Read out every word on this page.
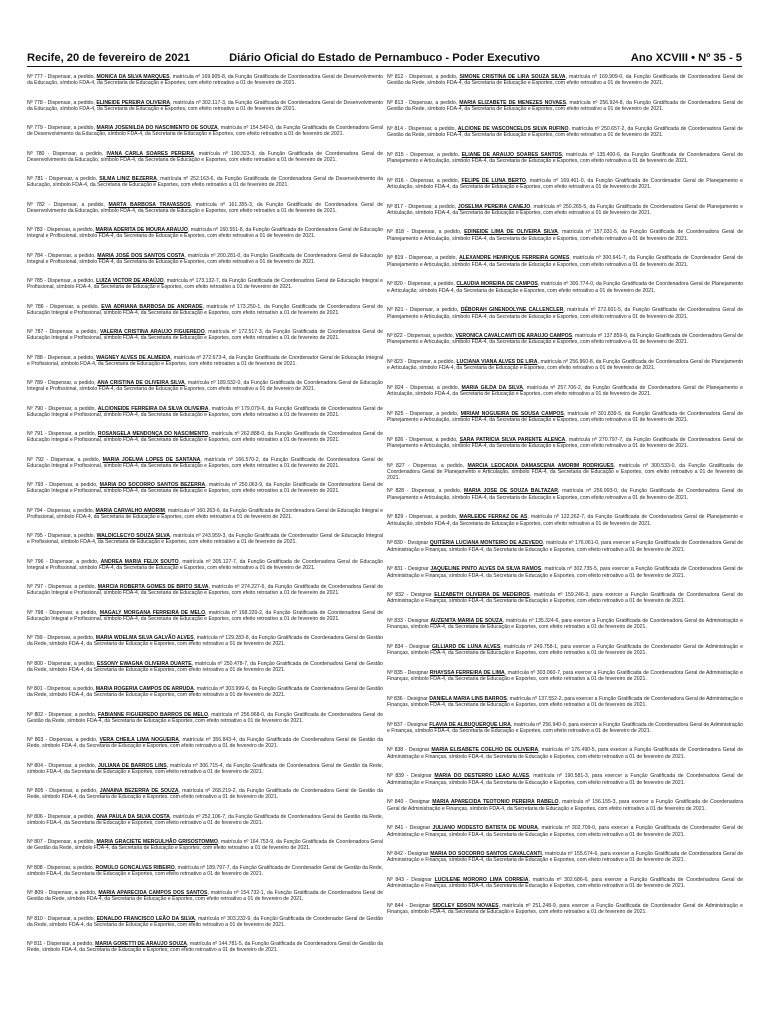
Recife, 20 de fevereiro de 2021	Diário Oficial do Estado de Pernambuco - Poder Executivo	Ano XCVIII • Nº 35 - 5
Nº 777 - Dispensar, a pedido, MONICA DA SILVA MARQUES, matrícula nº 169.905-8, da Função Gratificada de Coordenadora Geral de Desenvolvimento da Educação, símbolo FDA-4, da Secretaria de Educação e Esportes, com efeito retroativo a 01 de fevereiro de 2021.
Nº 778 - Dispensar, a pedido, ELINEIDE PEREIRA OLIVEIRA, matrícula nº 302.117-3, da Função Gratificada de Coordenadora Geral de Desenvolvimento da Educação, símbolo FDA-4, da Secretaria de Educação e Esportes, com efeito retroativo a 01 de fevereiro de 2021.
Nº 779 - Dispensar, a pedido, MARIA JOSENILDA DO NASCIMENTO DE SOUZA, matrícula nº 154.540-0, da Função Gratificada de Coordenadora Geral de Desenvolvimento da Educação, símbolo FDA-4, da Secretaria de Educação e Esportes, com efeito retroativo a 01 de fevereiro de 2021.
Nº 780 - Dispensar, a pedido, IVANA CARLA SOARES PEREIRA, matrícula nº 190.323-3, da Função Gratificada de Coordenadora Geral de Desenvolvimento da Educação, símbolo FDA-4, da Secretaria de Educação e Esportes, com efeito retroativo a 01 de fevereiro de 2021.
Nº 781 - Dispensar, a pedido, SILMA LINIZ BEZERRA, matrícula nº 252.163-6, da Função Gratificada de Coordenadora Geral de Desenvolvimento da Educação, símbolo FDA-4, da Secretaria de Educação e Esportes, com efeito retroativo a 01 de fevereiro de 2021.
Nº 782 - Dispensar, a pedido, MARTA BARBOSA TRAVASSOS, matrícula nº 161.355-3, da Função Gratificada de Coordenadora Geral de Desenvolvimento da Educação, símbolo FDA-4, da Secretaria de Educação e Esportes, com efeito retroativo a 01 de fevereiro de 2021.
Nº 783 - Dispensar, a pedido, MARIA ADERITA DE MOURA ARAUJO, matrícula nº 160.551-8, da Função Gratificada de Coordenadora Geral de Educação Integral e Profissional, símbolo FDA-4, da Secretaria de Educação e Esportes, com efeito retroativo a 01 de fevereiro de 2021.
Nº 784 - Dispensar, a pedido, MARIA JOSÉ DOS SANTOS COSTA, matrícula nº 200.281-0, da Função Gratificada de Coordenadora Geral de Educação Integral e Profissional, símbolo FDA-4, da Secretaria de Educação e Esportes, com efeito retroativo a 01 de fevereiro de 2021.
Nº 785 - Dispensar, a pedido, LUIZA VICTOR DE ARAÚJO, matrícula nº 173.132-7, da Função Gratificada de Coordenadora Geral de Educação Integral e Profissional, símbolo FDA-4, da Secretaria de Educação e Esportes, com efeito retroativo a 01 de fevereiro de 2021.
Nº 786 - Dispensar, a pedido, EVA ADRIANA BARBOSA DE ANDRADE, matrícula nº 173.250-1, da Função Gratificada de Coordenadora Geral de Educação Integral e Profissional, símbolo FDA-4, da Secretaria de Educação e Esportes, com efeito retroativo a 01 de fevereiro de 2021.
Nº 787 - Dispensar, a pedido, VALERIA CRISTINA ARAUJO FIGUEREDO, matrícula nº 172.517-3, da Função Gratificada de Coordenadora Geral de Educação Integral e Profissional, símbolo FDA-4, da Secretaria de Educação e Esportes, com efeito retroativo a 01 de fevereiro de 2021.
Nº 788 - Dispensar, a pedido, WAGNEY ALVES DE ALMEIDA, matrícula nº 272.673-4, da Função Gratificada de Coordenador Geral de Educação Integral e Profissional, símbolo FDA-4, da Secretaria de Educação e Esportes, com efeito retroativo a 01 de fevereiro de 2021.
Nº 789 - Dispensar, a pedido, ANA CRISTINA DE OLIVEIRA SILVA, matrícula nº 189.532-0, da Função Gratificada de Coordenadora Geral de Educação Integral e Profissional, símbolo FDA-4, da Secretaria de Educação e Esportes, com efeito retroativo a 01 de fevereiro de 2021.
Nº 790 - Dispensar, a pedido, ALCIONEIDE FERREIRA DA SILVA OLIVEIRA, matrícula nº 179.079-6, da Função Gratificada de Coordenadora Geral de Educação Integral e Profissional, símbolo FDA-4, da Secretaria de Educação e Esportes, com efeito retroativo a 01 de fevereiro de 2021.
Nº 791 - Dispensar, a pedido, ROSANGELA MENDONÇA DO NASCIMENTO, matrícula nº 262.888-0, da Função Gratificada de Coordenadora Geral de Educação Integral e Profissional, símbolo FDA-4, da Secretaria de Educação e Esportes, com efeito retroativo a 01 de fevereiro de 2021.
Nº 792 - Dispensar, a pedido, MARIA JOELMA LOPES DE SANTANA, matrícula nº 166.570-2, da Função Gratificada de Coordenadora Geral de Educação Integral e Profissional, símbolo FDA-4, da Secretaria de Educação e Esportes, com efeito retroativo a 01 de fevereiro de 2021.
Nº 793 - Dispensar, a pedido, MARIA DO SOCORRO SANTOS BEZERRA, matrícula nº 250.063-9, da Função Gratificada de Coordenadora Geral de Educação Integral e Profissional, símbolo FDA-4, da Secretaria de Educação e Esportes, com efeito retroativo a 01 de fevereiro de 2021.
Nº 794 - Dispensar, a pedido, MARIA CARVALHO AMORIM, matrícula nº 160.263-6, da Função Gratificada de Coordenadora Geral de Educação Integral e Profissional, símbolo FDA-4, da Secretaria de Educação e Esportes, com efeito retroativo a 01 de fevereiro de 2021.
Nº 795 - Dispensar, a pedido, WALDICLECYO SOUZA SILVA, matrícula nº 243.959-3, da Função Gratificada de Coordenador Geral de Educação Integral e Profissional, símbolo FDA-4, da Secretaria de Educação e Esportes, com efeito retroativo a 01 de fevereiro de 2021.
Nº 796 - Dispensar, a pedido, ANDREA MARIA FELIX SOUTO, matrícula nº 305.127-7, da Função Gratificada de Coordenadora Geral de Educação Integral e Profissional, símbolo FDA-4, da Secretaria de Educação e Esportes, com efeito retroativo a 01 de fevereiro de 2021.
Nº 797 - Dispensar, a pedido, MARCIA ROBERTA GOMES DE BRITO SILVA, matrícula nº 274.227-6, da Função Gratificada de Coordenadora Geral de Educação Integral e Profissional, símbolo FDA-4, da Secretaria de Educação e Esportes, com efeito retroativo a 01 de fevereiro de 2021.
Nº 798 - Dispensar, a pedido, MAGALY MORGANA FERREIRA DE MELO, matrícula nº 168.220-2, da Função Gratificada de Coordenadora Geral de Educação Integral e Profissional, símbolo FDA-4, da Secretaria de Educação e Esportes, com efeito retroativo a 01 de fevereiro de 2021.
Nº 799 - Dispensar, a pedido, MARIA WDELMA SILVA GALVÃO ALVES, matrícula nº 129.283-8, da Função Gratificada de Coordenadora Geral de Gestão da Rede, símbolo FDA-4, da Secretaria de Educação e Esportes, com efeito retroativo a 01 de fevereiro de 2021.
Nº 800 - Dispensar, a pedido, ESSONY EWAGNA OLIVEIRA DUARTE, matrícula nº 250.478-7, da Função Gratificada de Coordenadora Geral de Gestão da Rede, símbolo FDA-4, da Secretaria de Educação e Esportes, com efeito retroativo a 01 de fevereiro de 2021.
Nº 801 - Dispensar, a pedido, MARIA ROGERIA CAMPOS DE ARRUDA, matrícula nº 303.999-6, da Função Gratificada de Coordenadora Geral de Gestão da Rede, símbolo FDA-4, da Secretaria de Educação e Esportes, com efeito retroativo a 01 de fevereiro de 2021.
Nº 802 - Dispensar, a pedido, FABIANNE FIGUEIREDO BARROS DE MELO, matrícula nº 256.968-0, da Função Gratificada de Coordenadora Geral de Gestão da Rede, símbolo FDA-4, da Secretaria de Educação e Esportes, com efeito retroativo a 01 de fevereiro de 2021.
Nº 803 - Dispensar, a pedido, VERA CHEILA LIMA NOGUEIRA, matrícula nº 356.843-4, da Função Gratificada de Coordenadora Geral de Gestão da Rede, símbolo FDA-4, da Secretaria de Educação e Esportes, com efeito retroativo a 01 de fevereiro de 2021.
Nº 804 - Dispensar, a pedido, JULIANA DE BARROS LINS, matrícula nº 306.715-4, da Função Gratificada de Coordenadora Geral de Gestão da Rede, símbolo FDA-4, da Secretaria de Educação e Esportes, com efeito retroativo a 01 de fevereiro de 2021.
Nº 805 - Dispensar, a pedido, JANAINA BEZERRA DE SOUZA, matrícula nº 268.219-2, da Função Gratificada de Coordenadora Geral de Gestão da Rede, símbolo FDA-4, da Secretaria de Educação e Esportes, com efeito retroativo a 01 de fevereiro de 2021.
Nº 806 - Dispensar, a pedido, ANA PAULA DA SILVA COSTA, matrícula nº 252.106-7, da Função Gratificada de Coordenadora Geral de Gestão da Rede, símbolo FDA-4, da Secretaria de Educação e Esportes, com efeito retroativo a 01 de fevereiro de 2021.
Nº 807 - Dispensar, a pedido, MARIA GRACIETE MERGULHÃO GRISOSTOMMO, matrícula nº 164.753-9, da Função Gratificada de Coordenadora Geral de Gestão da Rede, símbolo FDA-4, da Secretaria de Educação e Esportes, com efeito retroativo a 01 de fevereiro de 2021.
Nº 808 - Dispensar, a pedido, ROMULO GONCALVES RIBEIRO, matrícula nº 189.797-7, da Função Gratificada de Coordenador Geral de Gestão da Rede, símbolo FDA-4, da Secretaria de Educação e Esportes, com efeito retroativo a 01 de fevereiro de 2021.
Nº 809 - Dispensar, a pedido, MARIA APARECIDA CAMPOS DOS SANTOS, matrícula nº 154.732-1, da Função Gratificada de Coordenadora Geral de Gestão da Rede, símbolo FDA-4, da Secretaria de Educação e Esportes, com efeito retroativo a 01 de fevereiro de 2021.
Nº 810 - Dispensar, a pedido, EDNALDO FRANCISCO LEÃO DA SILVA, matrícula nº 303.232-9, da Função Gratificada de Coordenador Geral de Gestão da Rede, símbolo FDA-4, da Secretaria de Educação e Esportes, com efeito retroativo a 01 de fevereiro de 2021.
Nº 811 - Dispensar, a pedido, MARIA GORETTI DE ARAUJO SOUZA, matrícula nº 144.781-5, da Função Gratificada de Coordenadora Geral de Gestão da Rede, símbolo FDA-4, da Secretaria de Educação e Esportes, com efeito retroativo a 01 de fevereiro de 2021.
Nº 812 - Dispensar, a pedido, SIMONE CRISTINA DE LIRA SOUZA SILVA, matrícula nº 169.909-0, da Função Gratificada de Coordenadora Geral de Gestão da Rede, símbolo FDA-4, da Secretaria de Educação e Esportes, com efeito retroativo a 01 de fevereiro de 2021.
Nº 813 - Dispensar, a pedido, MARIA ELIZABETE DE MENEZES NOVAES, matrícula nº 256.924-8, da Função Gratificada de Coordenadora Geral de Gestão da Rede, símbolo FDA-4, da Secretaria de Educação e Esportes, com efeito retroativo a 01 de fevereiro de 2021.
Nº 814 - Dispensar, a pedido, ALCIONE DE VASCONCELOS SILVA RUFINO, matrícula nº 250.657-2, da Função Gratificada de Coordenadora Geral de Gestão da Rede, símbolo FDA-4, da Secretaria de Educação e Esportes, com efeito retroativo a 01 de fevereiro de 2021.
Nº 815 - Dispensar, a pedido, ELIANE DE ARAUJO SOARES SANTOS, matrícula nº 135.400-6, da Função Gratificada de Coordenadora Geral de Planejamento e Articulação, símbolo FDA-4, da Secretaria de Educação e Esportes, com efeito retroativo a 01 de fevereiro de 2021.
Nº 816 - Dispensar, a pedido, FELIPE DE LUNA BERTO, matrícula nº 169.461-0, da Função Gratificada de Coordenador Geral de Planejamento e Articulação, símbolo FDA-4, da Secretaria de Educação e Esportes, com efeito retroativo a 01 de fevereiro de 2021.
Nº 817 - Dispensar, a pedido, JOSELMA PEREIRA CANEJO, matrícula nº 250.265-5, da Função Gratificada de Coordenadora Geral de Planejamento e Articulação, símbolo FDA-4, da Secretaria de Educação e Esportes, com efeito retroativo a 01 de fevereiro de 2021.
Nº 818 - Dispensar, a pedido, EDINEIDE LIMA DE OLIVEIRA SILVA, matrícula nº 157.031-5, da Função Gratificada de Coordenadora Geral de Planejamento e Articulação, símbolo FDA-4, da Secretaria de Educação e Esportes, com efeito retroativo a 01 de fevereiro de 2021.
Nº 819 - Dispensar, a pedido, ALEXANDRE HENRIQUE FERREIRA GOMES, matrícula nº 300.641-7, da Função Gratificada de Coordenador Geral de Planejamento e Articulação, símbolo FDA-4, da Secretaria de Educação e Esportes, com efeito retroativo a 01 de fevereiro de 2021.
Nº 820 - Dispensar, a pedido, CLAUDIA MOREIRA DE CAMPOS, matrícula nº 300.774-0, da Função Gratificada de Coordenadora Geral de Planejamento e Articulação, símbolo FDA-4, da Secretaria de Educação e Esportes, com efeito retroativo a 01 de fevereiro de 2021.
Nº 821 - Dispensar, a pedido, DÉBORAH GINENDOLYNE CALLENCLER, matrícula nº 272.601-5, da Função Gratificada de Coordenadora Geral de Planejamento e Articulação, símbolo FDA-4, da Secretaria de Educação e Esportes, com efeito retroativo a 01 de fevereiro de 2021.
Nº 822 - Dispensar, a pedido, VERONICA CAVALCANTI DE ARAUJO CAMPOS, matrícula nº 137.859-9, da Função Gratificada de Coordenadora Geral de Planejamento e Articulação, símbolo FDA-4, da Secretaria de Educação e Esportes, com efeito retroativo a 01 de fevereiro de 2021.
Nº 823 - Dispensar, a pedido, LUCIANA VIANA ALVES DE LIRA, matrícula nº 256.960-8, da Função Gratificada de Coordenadora Geral de Planejamento e Articulação, símbolo FDA-4, da Secretaria de Educação e Esportes, com efeito retroativo a 01 de fevereiro de 2021.
Nº 824 - Dispensar, a pedido, MARIA GILDA DA SILVA, matrícula nº 257.706-2, da Função Gratificada de Coordenadora Geral de Planejamento e Articulação, símbolo FDA-4, da Secretaria de Educação e Esportes, com efeito retroativo a 01 de fevereiro de 2021.
Nº 825 - Dispensar, a pedido, MIRIAM NOGUEIRA DE SOUSA CAMPOS, matrícula nº 301.839-5, da Função Gratificada de Coordenadora Geral de Planejamento e Articulação, símbolo FDA-4, da Secretaria de Educação e Esportes, com efeito retroativo a 01 de fevereiro de 2021.
Nº 826 - Dispensar, a pedido, SARA PATRICIA SILVA PARENTE ALENCA, matrícula nº 270.797-7, da Função Gratificada de Coordenadora Geral de Planejamento e Articulação, símbolo FDA-4, da Secretaria de Educação e Esportes, com efeito retroativo a 01 de fevereiro de 2021.
Nº 827 - Dispensar, a pedido, MARCIA LEOCADIA DAMASCENA AMORIM RODRIGUES, matrícula nº 300.533-0, da Função Gratificada de Coordenadora Geral de Planejamento e Articulação, símbolo FDA-4, da Secretaria de Educação e Esportes, com efeito retroativo a 01 de fevereiro de 2021.
Nº 828 - Dispensar, a pedido, MARIA JOSE DE SOUZA BALTAZAR, matrícula nº 256.993-0, da Função Gratificada de Coordenadora Geral de Planejamento e Articulação, símbolo FDA-4, da Secretaria de Educação e Esportes, com efeito retroativo a 01 de fevereiro de 2021.
Nº 829 - Dispensar, a pedido, MARLEIDE FERRAZ DE AS, matrícula nº 122.262-7, da Função Gratificada de Coordenadora Geral de Planejamento e Articulação, símbolo FDA-4, da Secretaria de Educação e Esportes, com efeito retroativo a 01 de fevereiro de 2021.
Nº 830 - Designar QUITÉRIA LUCIANA MONTEIRO DE AZEVEDO, matrícula nº 176.061-0, para exercer a Função Gratificada de Coordenadora Geral de Administração e Finanças, símbolo FDA-4, da Secretaria de Educação e Esportes, com efeito retroativo a 01 de fevereiro de 2021.
Nº 831 - Designar JAQUELINE PINTO ALVES DA SILVA RAMOS, matrícula nº 302.735-5, para exercer a Função Gratificada de Coordenadora Geral de Administração e Finanças, símbolo FDA-4, da Secretaria de Educação e Esportes, com efeito retroativo a 01 de fevereiro de 2021.
Nº 832 - Designar ELIZABETH OLIVEIRA DE MEDEIROS, matrícula nº 159.246-3, para exercer a Função Gratificada de Coordenadora Geral de Administração e Finanças, símbolo FDA-4, da Secretaria de Educação e Esportes, com efeito retroativo a 01 de fevereiro de 2021.
Nº 833 - Designar AUZENITA MARIA DE SOUZA, matrícula nº 135.324-6, para exercer a Função Gratificada de Coordenadora Geral de Administração e Finanças, símbolo FDA-4, da Secretaria de Educação e Esportes, com efeito retroativo a 01 de fevereiro de 2021.
Nº 834 - Designar GILLIARD DE LUNA ALVES, matrícula nº 249.758-1, para exercer a Função Gratificada de Coordenador Geral de Administração e Finanças, símbolo FDA-4, da Secretaria de Educação e Esportes, com efeito retroativo a 01 de fevereiro de 2021.
Nº 835 - Designar RHAYSSA FERREIRA DE LIMA, matrícula nº 303.060-7, para exercer a Função Gratificada de Coordenadora Geral de Administração e Finanças, símbolo FDA-4, da Secretaria de Educação e Esportes, com efeito retroativo a 01 de fevereiro de 2021.
Nº 836 - Designar DANIELA MARIA LINS BARROS, matrícula nº 137.552-2, para exercer a Função Gratificada de Coordenadora Geral de Administração e Finanças, símbolo FDA-4, da Secretaria de Educação e Esportes, com efeito retroativo a 01 de fevereiro de 2021.
Nº 837 - Designar FLAVIA DE ALBUQUERQUE LIRA, matrícula nº 256.940-0, para exercer a Função Gratificada de Coordenadora Geral de Administração e Finanças, símbolo FDA-4, da Secretaria de Educação e Esportes, com efeito retroativo a 01 de fevereiro de 2021.
Nº 838 - Designar MARIA ELISABETE COELHO DE OLIVEIRA, matrícula nº 176.490-5, para exercer a Função Gratificada de Coordenadora Geral de Administração e Finanças, símbolo FDA-4, da Secretaria de Educação e Esportes, com efeito retroativo a 01 de fevereiro de 2021.
Nº 839 - Designar MARIA DO DESTERRO LEAO ALVES, matrícula nº 190.581-3, para exercer a Função Gratificada de Coordenadora Geral de Administração e Finanças, símbolo FDA-4, da Secretaria de Educação e Esportes, com efeito retroativo a 01 de fevereiro de 2021.
Nº 840 - Designar MARIA APARECIDA TEOTONIO PEREIRA RABELO, matrícula nº 156.155-3, para exercer a Função Gratificada de Coordenadora Geral de Administração e Finanças, símbolo FDA-4, da Secretaria de Educação e Esportes, com efeito retroativo a 01 de fevereiro de 2021.
Nº 841 - Designar JULIANO MODESTO BATISTA DE MOURA, matrícula nº 302.709-0, para exercer a Função Gratificada de Coordenador Geral de Administração e Finanças, símbolo FDA-4, da Secretaria de Educação e Esportes, com efeito retroativo a 01 de fevereiro de 2021.
Nº 842 - Designar MARIA DO SOCORRO SANTOS CAVALCANTI, matrícula nº 155.674-6, para exercer a Função Gratificada de Coordenadora Geral de Administração e Finanças, símbolo FDA-4, da Secretaria de Educação e Esportes, com efeito retroativo a 01 de fevereiro de 2021.
Nº 843 - Designar LUCILENE MORORO LIMA CORREIA, matrícula nº 302.686-6, para exercer a Função Gratificada de Coordenadora Geral de Administração e Finanças, símbolo FDA-4, da Secretaria de Educação e Esportes, com efeito retroativo a 01 de fevereiro de 2021.
Nº 844 - Designar SIDCLEY EDSON NOVAES, matrícula nº 251.248-9, para exercer a Função Gratificada de Coordenador Geral de Administração e Finanças, símbolo FDA-4, da Secretaria de Educação e Esportes, com efeito retroativo a 01 de fevereiro de 2021.
